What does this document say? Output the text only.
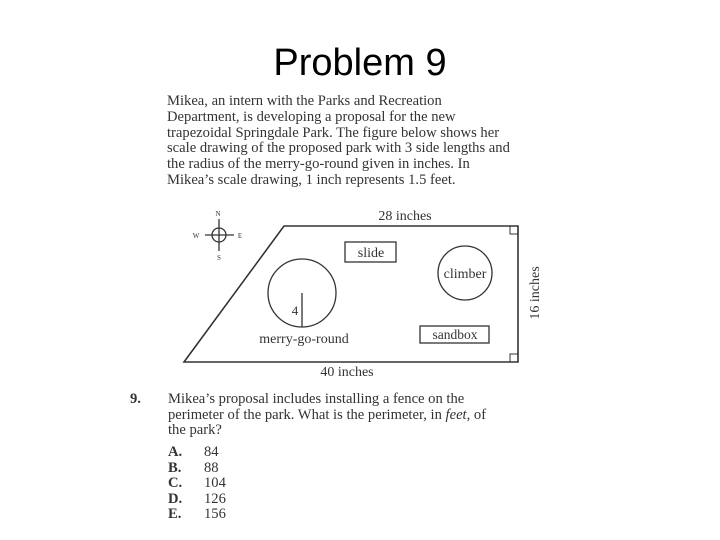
Problem 9
Mikea, an intern with the Parks and Recreation
Department, is developing a proposal for the new
trapezoidal Springdale Park. The figure below shows her
scale drawing of the proposed park with 3 side lengths and
the radius of the merry-go-round given in inches. In
Mikea’s scale drawing, 1 inch represents 1.5 feet.
N
S
E
W
28 inches
40 inches
16 inches
slide
climber
4
merry-go-round	sandbox
9. Mikea’s proposal includes installing a fence on the
perimeter of the park. What is the perimeter, in feet, of
the park?
A. 84
B. 88
C. 104
D. 126
E. 156
